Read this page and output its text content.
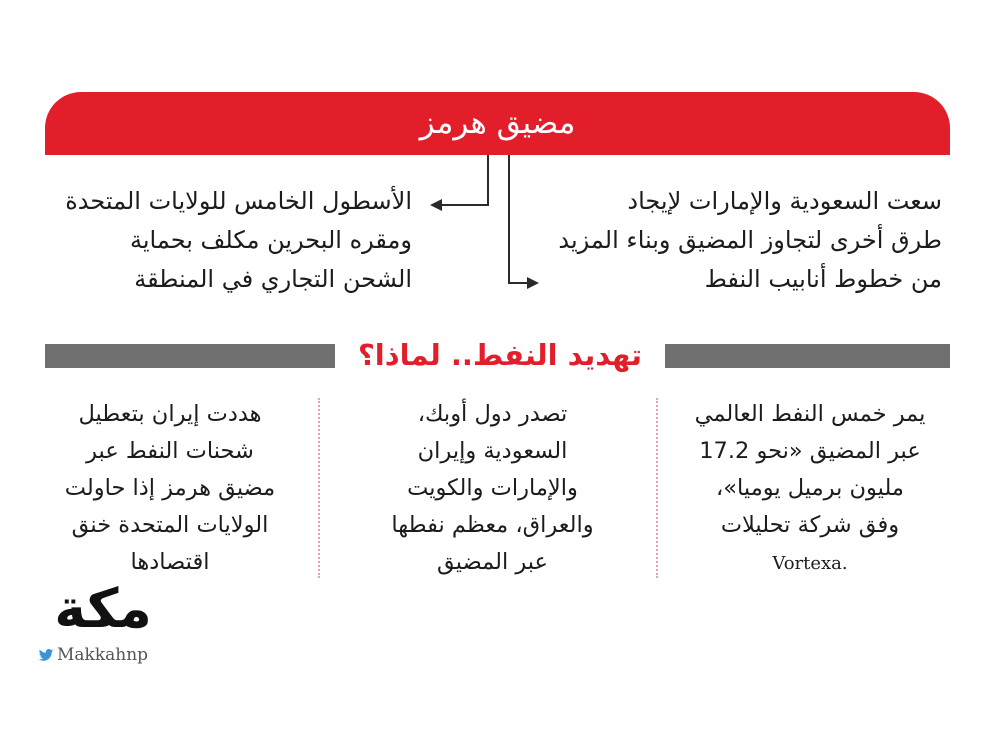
مضيق هرمز
الأسطول الخامس للولايات المتحدة
ومقره البحرين مكلف بحماية
الشحن التجاري في المنطقة
سعت السعودية والإمارات لإيجاد
طرق أخرى لتجاوز المضيق وبناء المزيد
من خطوط أنابيب النفط
تهديد النفط.. لماذا؟
يمر خمس النفط العالمي
عبر المضيق «نحو 17.2
مليون برميل يوميا»،
وفق شركة تحليلات
.Vortexa
تصدر دول أوبك،
السعودية وإيران
والإمارات والكويت
والعراق، معظم نفطها
عبر المضيق
هددت إيران بتعطيل
شحنات النفط عبر
مضيق هرمز إذا حاولت
الولايات المتحدة خنق
اقتصادها
مكة
Makkahnp
